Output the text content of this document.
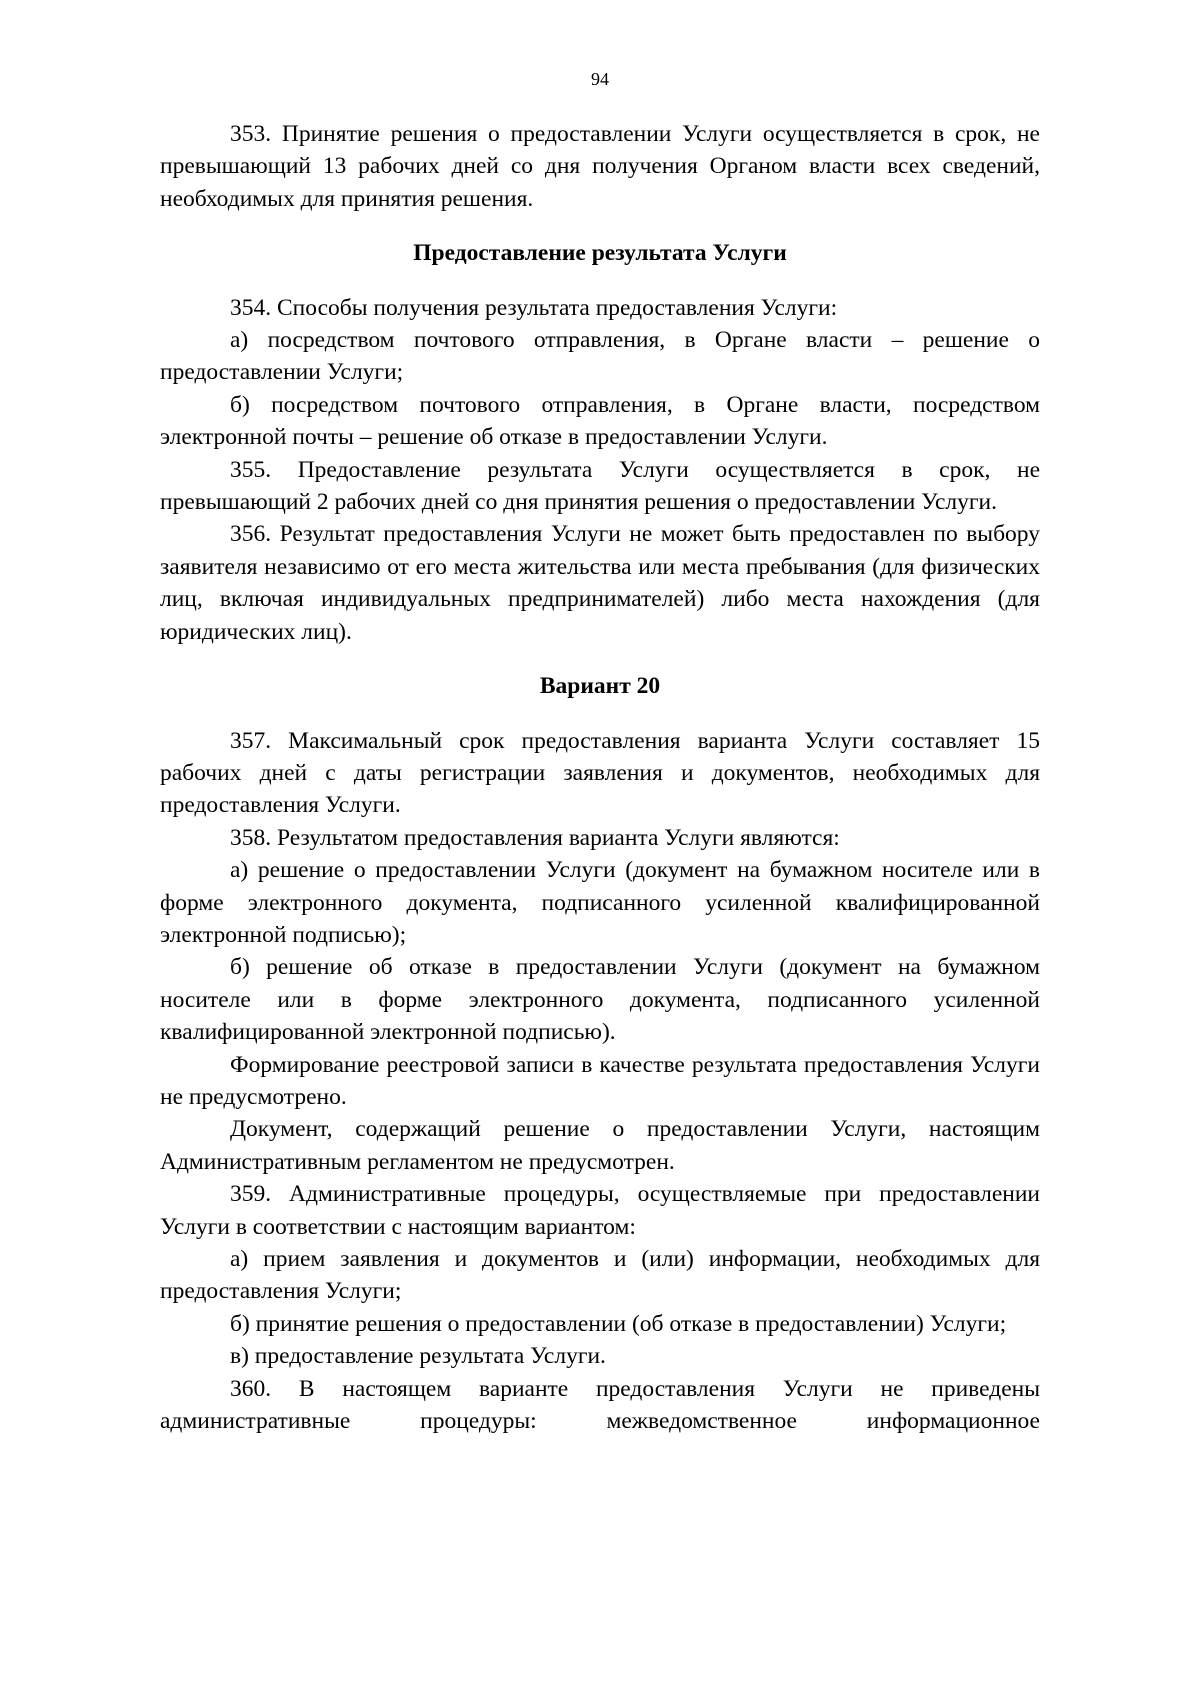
94

353. Принятие решения о предоставлении Услуги осуществляется в срок, не превышающий 13 рабочих дней со дня получения Органом власти всех сведений, необходимых для принятия решения.

Предоставление результата Услуги

354. Способы получения результата предоставления Услуги:

а) посредством почтового отправления, в Органе власти – решение о предоставлении Услуги;

б) посредством почтового отправления, в Органе власти, посредством электронной почты – решение об отказе в предоставлении Услуги.

355. Предоставление результата Услуги осуществляется в срок, не превышающий 2 рабочих дней со дня принятия решения о предоставлении Услуги.

356. Результат предоставления Услуги не может быть предоставлен по выбору заявителя независимо от его места жительства или места пребывания (для физических лиц, включая индивидуальных предпринимателей) либо места нахождения (для юридических лиц).

Вариант 20

357. Максимальный срок предоставления варианта Услуги составляет 15 рабочих дней с даты регистрации заявления и документов, необходимых для предоставления Услуги.

358. Результатом предоставления варианта Услуги являются:

а) решение о предоставлении Услуги (документ на бумажном носителе или в форме электронного документа, подписанного усиленной квалифицированной электронной подписью);

б) решение об отказе в предоставлении Услуги (документ на бумажном носителе или в форме электронного документа, подписанного усиленной квалифицированной электронной подписью).

Формирование реестровой записи в качестве результата предоставления Услуги не предусмотрено.

Документ, содержащий решение о предоставлении Услуги, настоящим Административным регламентом не предусмотрен.

359. Административные процедуры, осуществляемые при предоставлении Услуги в соответствии с настоящим вариантом:

а) прием заявления и документов и (или) информации, необходимых для предоставления Услуги;

б) принятие решения о предоставлении (об отказе в предоставлении) Услуги;

в) предоставление результата Услуги.

360. В настоящем варианте предоставления Услуги не приведены административные процедуры: межведомственное информационное
